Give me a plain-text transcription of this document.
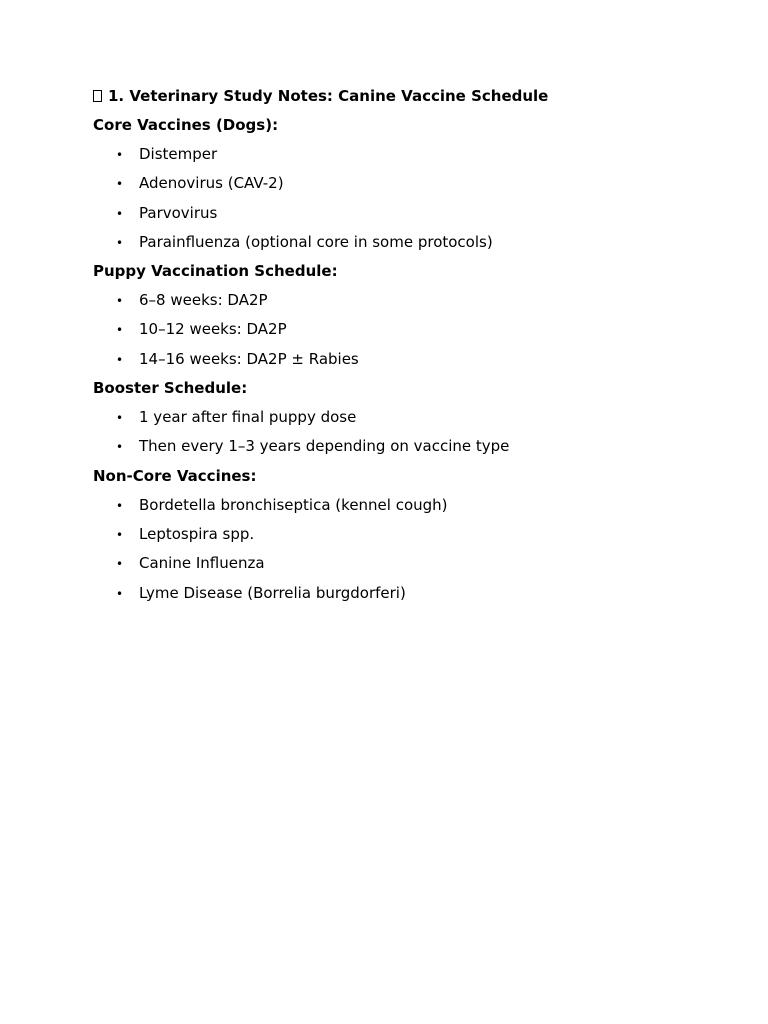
1. Veterinary Study Notes: Canine Vaccine Schedule
Core Vaccines (Dogs):
• Distemper
• Adenovirus (CAV-2)
• Parvovirus
• Parainfluenza (optional core in some protocols)
Puppy Vaccination Schedule:
• 6–8 weeks: DA2P
• 10–12 weeks: DA2P
• 14–16 weeks: DA2P ± Rabies
Booster Schedule:
• 1 year after final puppy dose
• Then every 1–3 years depending on vaccine type
Non-Core Vaccines:
• Bordetella bronchiseptica (kennel cough)
• Leptospira spp.
• Canine Influenza
• Lyme Disease (Borrelia burgdorferi)
